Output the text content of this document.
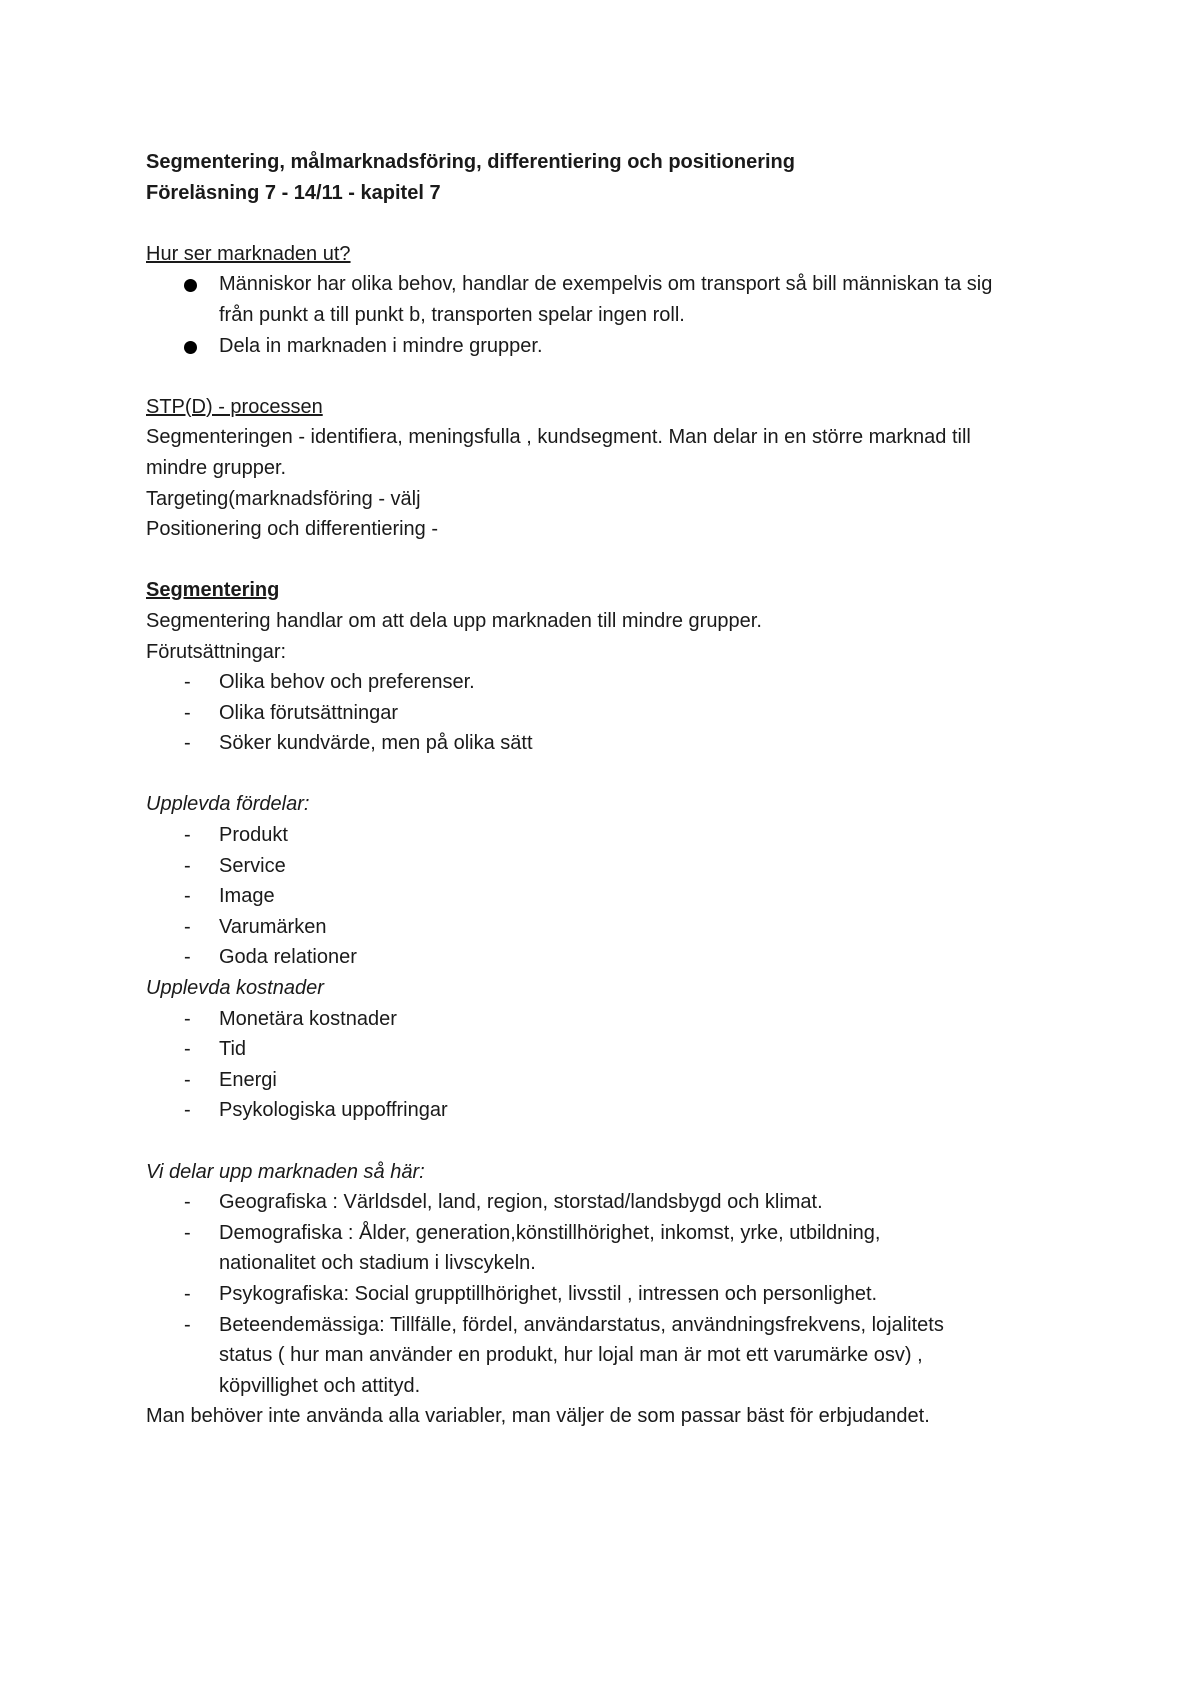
Segmentering, målmarknadsföring, differentiering och positionering
Föreläsning 7 - 14/11 - kapitel 7
Hur ser marknaden ut?
Människor har olika behov, handlar de exempelvis om transport så bill människan ta sig
från punkt a till punkt b, transporten spelar ingen roll.
Dela in marknaden i mindre grupper.
STP(D) - processen
Segmenteringen - identifiera, meningsfulla , kundsegment. Man delar in en större marknad till
mindre grupper.
Targeting(marknadsföring - välj
Positionering och differentiering -
Segmentering
Segmentering handlar om att dela upp marknaden till mindre grupper.
Förutsättningar:
- Olika behov och preferenser.
- Olika förutsättningar
- Söker kundvärde, men på olika sätt
Upplevda fördelar:
- Produkt
- Service
- Image
- Varumärken
- Goda relationer
Upplevda kostnader
- Monetära kostnader
- Tid
- Energi
- Psykologiska uppoffringar
Vi delar upp marknaden så här:
- Geografiska : Världsdel, land, region, storstad/landsbygd och klimat.
- Demografiska : Ålder, generation,könstillhörighet, inkomst, yrke, utbildning,
nationalitet och stadium i livscykeln.
- Psykografiska: Social grupptillhörighet, livsstil , intressen och personlighet.
- Beteendemässiga: Tillfälle, fördel, användarstatus, användningsfrekvens, lojalitets
status ( hur man använder en produkt, hur lojal man är mot ett varumärke osv) ,
köpvillighet och attityd.
Man behöver inte använda alla variabler, man väljer de som passar bäst för erbjudandet.
